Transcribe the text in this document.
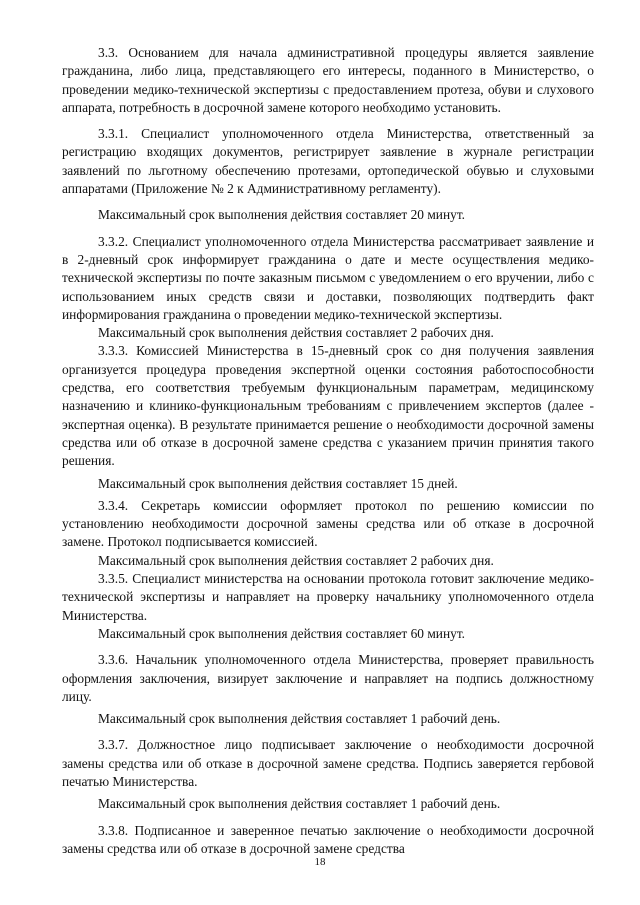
3.3. Основанием для начала административной процедуры является заявление гражданина, либо лица, представляющего его интересы, поданного в Министерство, о проведении медико-технической экспертизы с предоставлением протеза, обуви и слухового аппарата, потребность в досрочной замене которого необходимо установить.

3.3.1. Специалист уполномоченного отдела Министерства, ответственный за регистрацию входящих документов, регистрирует заявление в журнале регистрации заявлений по льготному обеспечению протезами, ортопедической обувью и слуховыми аппаратами (Приложение № 2 к Административному регламенту).

Максимальный срок выполнения действия составляет 20 минут.

3.3.2. Специалист уполномоченного отдела Министерства рассматривает заявление и в 2-дневный срок информирует гражданина о дате и месте осуществления медико-технической экспертизы по почте заказным письмом с уведомлением о его вручении, либо с использованием иных средств связи и доставки, позволяющих подтвердить факт информирования гражданина о проведении медико-технической экспертизы.

Максимальный срок выполнения действия составляет 2 рабочих дня.

3.3.3. Комиссией Министерства в 15-дневный срок со дня получения заявления организуется процедура проведения экспертной оценки состояния работоспособности средства, его соответствия требуемым функциональным параметрам, медицинскому назначению и клинико-функциональным требованиям с привлечением экспертов (далее - экспертная оценка). В результате принимается решение о необходимости досрочной замены средства или об отказе в досрочной замене средства с указанием причин принятия такого решения.

Максимальный срок выполнения действия составляет 15 дней.

3.3.4. Секретарь комиссии оформляет протокол по решению комиссии по установлению необходимости досрочной замены средства или об отказе в досрочной замене. Протокол подписывается комиссией.

Максимальный срок выполнения действия составляет 2 рабочих дня.

3.3.5. Специалист министерства на основании протокола готовит заключение медико-технической экспертизы и направляет на проверку начальнику уполномоченного отдела Министерства.

Максимальный срок выполнения действия составляет 60 минут.

3.3.6. Начальник уполномоченного отдела Министерства, проверяет правильность оформления заключения, визирует заключение и направляет на подпись должностному лицу.

Максимальный срок выполнения действия составляет 1 рабочий день.

3.3.7. Должностное лицо подписывает заключение о необходимости досрочной замены средства или об отказе в досрочной замене средства. Подпись заверяется гербовой печатью Министерства.

Максимальный срок выполнения действия составляет 1 рабочий день.

3.3.8. Подписанное и заверенное печатью заключение о необходимости досрочной замены средства или об отказе в досрочной замене средства

18
